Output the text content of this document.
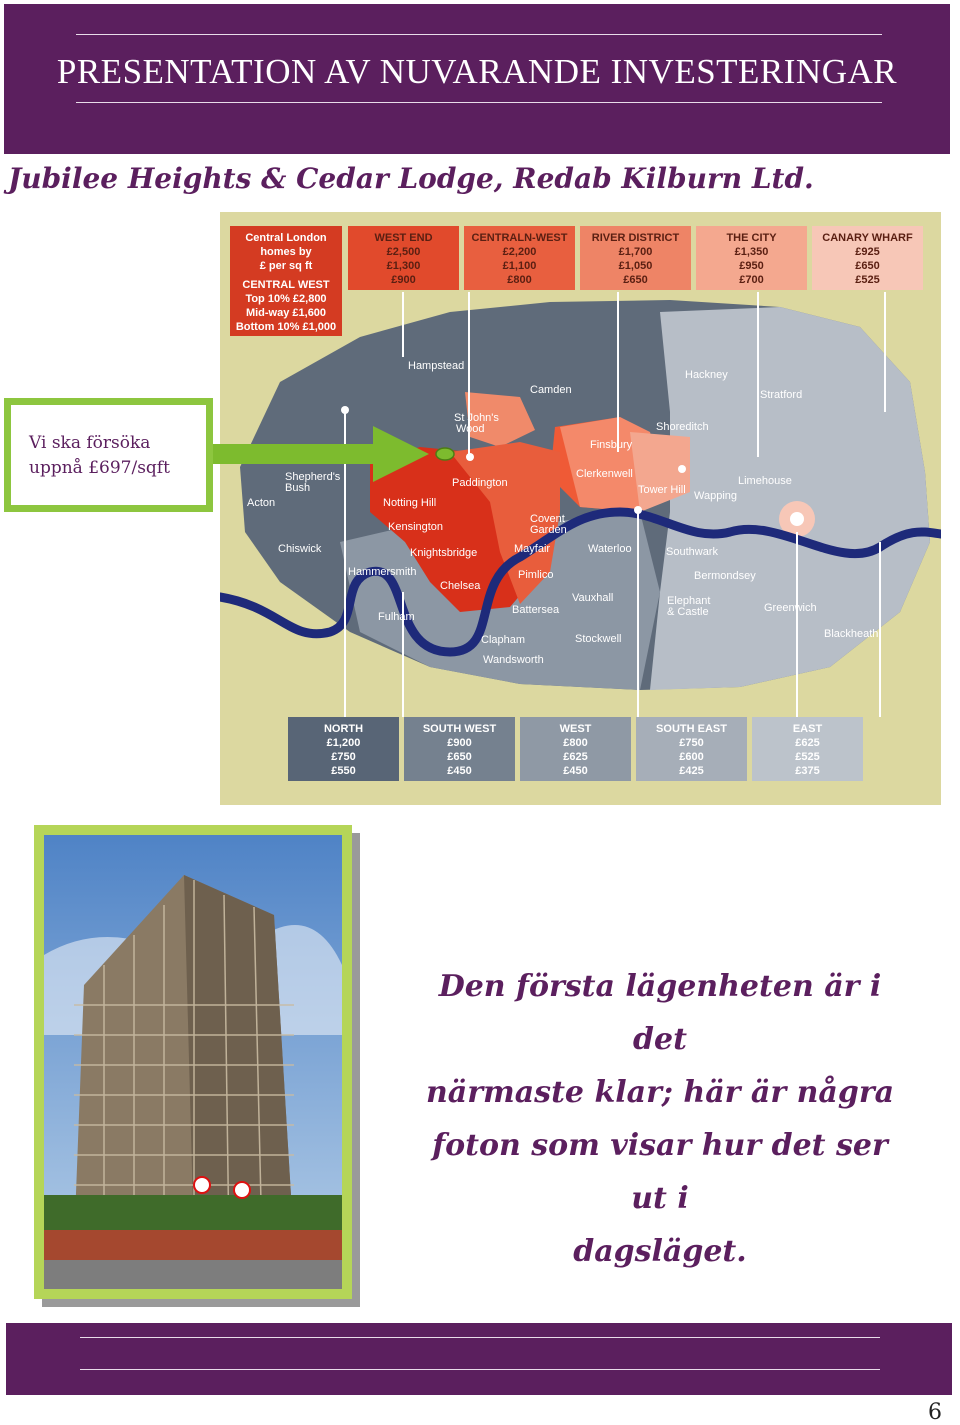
PRESENTATION AV NUVARANDE INVESTERINGAR
Jubilee Heights & Cedar Lodge, Redab Kilburn Ltd.
Central London
homes by
£ per sq ft
CENTRAL WEST
Top 10% £2,800
Mid-way £1,600
Bottom 10% £1,000
WEST END
£2,500
£1,300
£900
CENTRALN-WEST
£2,200
£1,100
£800
RIVER DISTRICT
£1,700
£1,050
£650
THE CITY
£1,350
£950
£700
CANARY WHARF
£925
£650
£525
NORTH
£1,200
£750
£550
SOUTH WEST
£900
£650
£450
WEST
£800
£625
£450
SOUTH EAST
£750
£600
£425
EAST
£625
£525
£375
Hampstead
Camden
Hackney
Stratford
St John's
Wood	Shoreditch
Finsbury
Shepherd's
Bush
Acton
Paddington
Clerkenwell
Limehouse
Notting Hill
Tower Hill Wapping
Kensington
Covent
Garden
Chiswick	Knightsbridge	Mayfair	Waterloo	Southwark
Hammersmith	Pimlico	Bermondsey
Chelsea
Vauxhall	Elephant
& Castle	Greenwich
Fulham
Battersea
Blackheath
Clapham	Stockwell
Wandsworth
Vi ska försöka
uppnå £697/sqft
Den första lägenheten är i det
närmaste klar; här är några
foton som visar hur det ser ut i
dagsläget.
6
